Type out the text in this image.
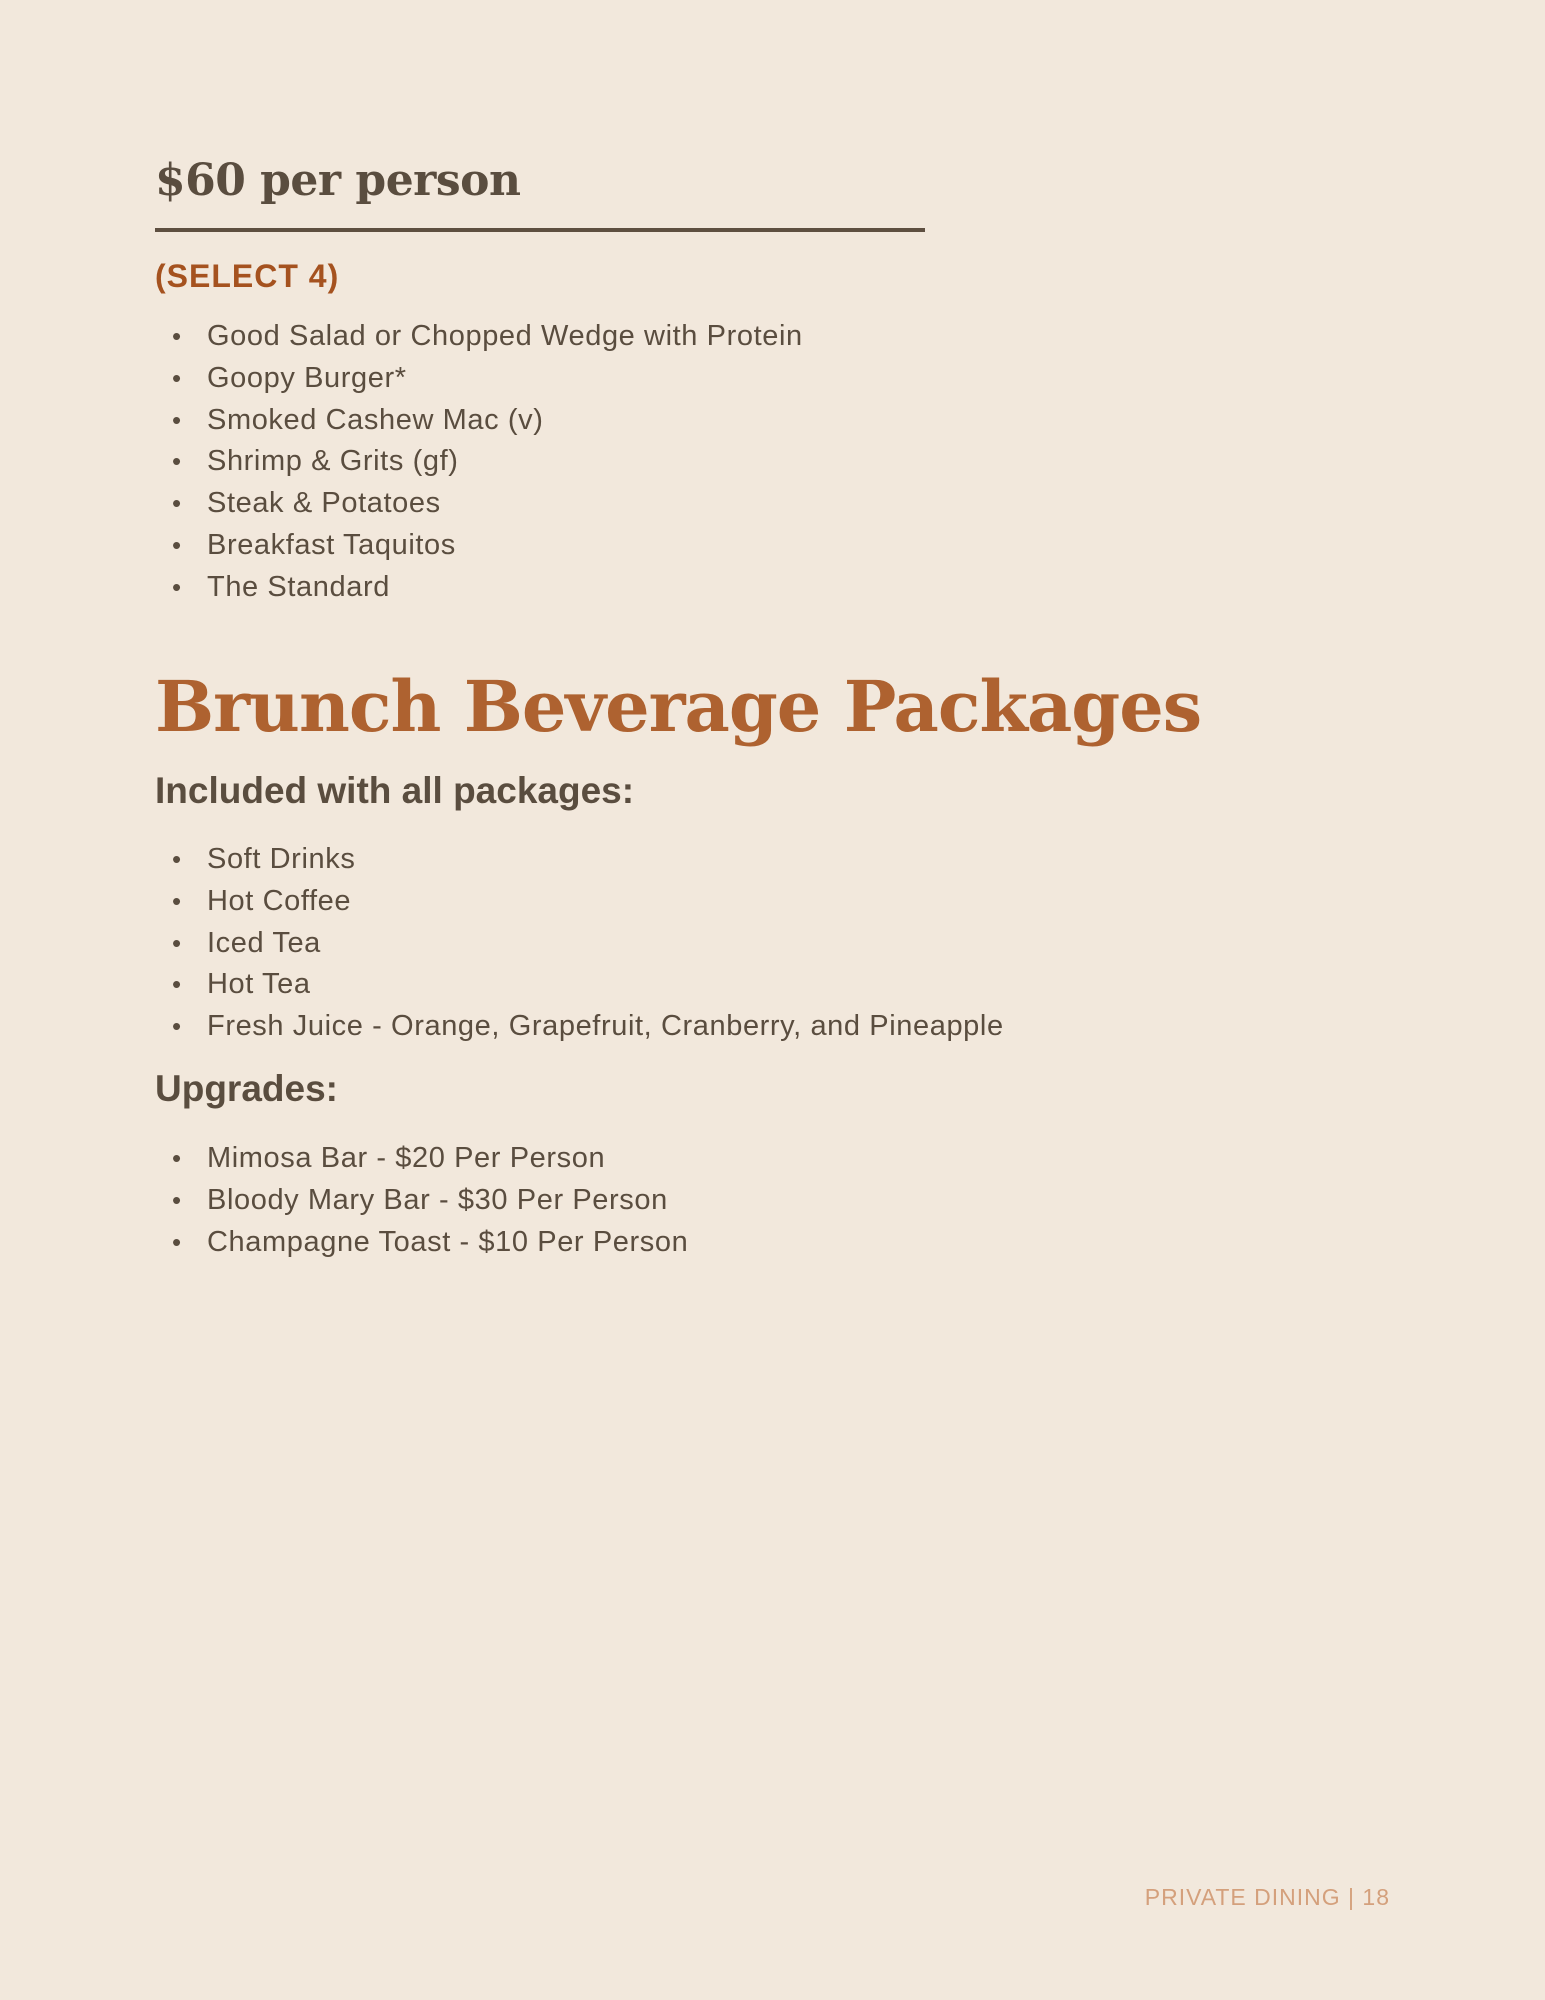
$60 per person
(SELECT 4)
• Good Salad or Chopped Wedge with Protein
• Goopy Burger*
• Smoked Cashew Mac (v)
• Shrimp & Grits (gf)
• Steak & Potatoes
• Breakfast Taquitos
• The Standard
Brunch Beverage Packages
Included with all packages:
• Soft Drinks
• Hot Coffee
• Iced Tea
• Hot Tea
• Fresh Juice - Orange, Grapefruit, Cranberry, and Pineapple
Upgrades:
• Mimosa Bar - $20 Per Person
• Bloody Mary Bar - $30 Per Person
• Champagne Toast - $10 Per Person
PRIVATE DINING | 18
